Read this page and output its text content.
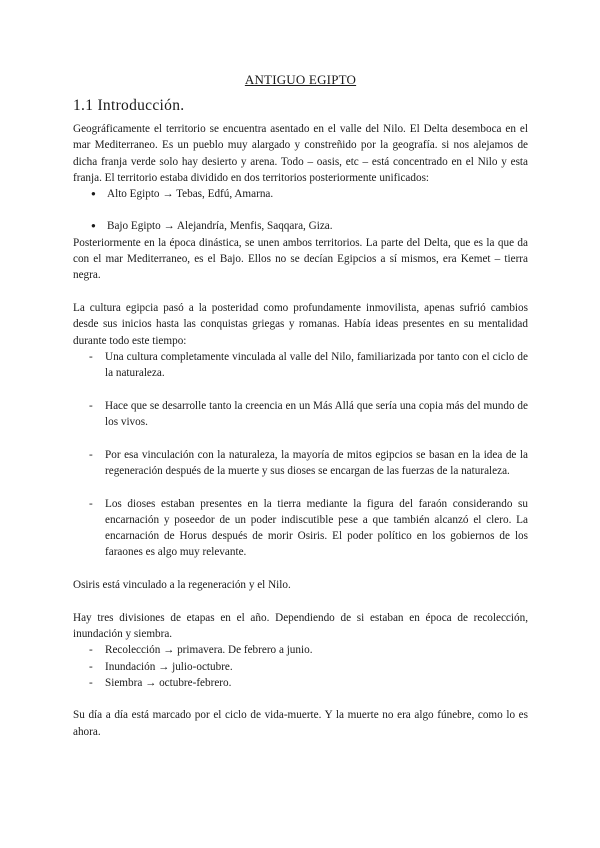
ANTIGUO EGIPTO
1.1 Introducción.

Geográficamente el territorio se encuentra asentado en el valle del Nilo. El Delta desemboca en el mar Mediterraneo. Es un pueblo muy alargado y constreñido por la geografía. si nos alejamos de dicha franja verde solo hay desierto y arena. Todo – oasis, etc – está concentrado en el Nilo y esta franja. El territorio estaba dividido en dos territorios posteriormente unificados:

● Alto Egipto → Tebas, Edfú, Amarna.
● Bajo Egipto → Alejandría, Menfis, Saqqara, Giza.

Posteriormente en la época dinástica, se unen ambos territorios. La parte del Delta, que es la que da con el mar Mediterraneo, es el Bajo. Ellos no se decían Egipcios a sí mismos, era Kemet – tierra negra.

La cultura egipcia pasó a la posteridad como profundamente inmovilista, apenas sufrió cambios desde sus inicios hasta las conquistas griegas y romanas. Había ideas presentes en su mentalidad durante todo este tiempo:

- Una cultura completamente vinculada al valle del Nilo, familiarizada por tanto con el ciclo de la naturaleza.
- Hace que se desarrolle tanto la creencia en un Más Allá que sería una copia más del mundo de los vivos.
- Por esa vinculación con la naturaleza, la mayoría de mitos egipcios se basan en la idea de la regeneración después de la muerte y sus dioses se encargan de las fuerzas de la naturaleza.
- Los dioses estaban presentes en la tierra mediante la figura del faraón considerando su encarnación y poseedor de un poder indiscutible pese a que también alcanzó el clero. La encarnación de Horus después de morir Osiris. El poder político en los gobiernos de los faraones es algo muy relevante.

Osiris está vinculado a la regeneración y el Nilo.

Hay tres divisiones de etapas en el año. Dependiendo de si estaban en época de recolección, inundación y siembra.

- Recolección → primavera. De febrero a junio.
- Inundación → julio-octubre.
- Siembra → octubre-febrero.

Su día a día está marcado por el ciclo de vida-muerte. Y la muerte no era algo fúnebre, como lo es ahora.
